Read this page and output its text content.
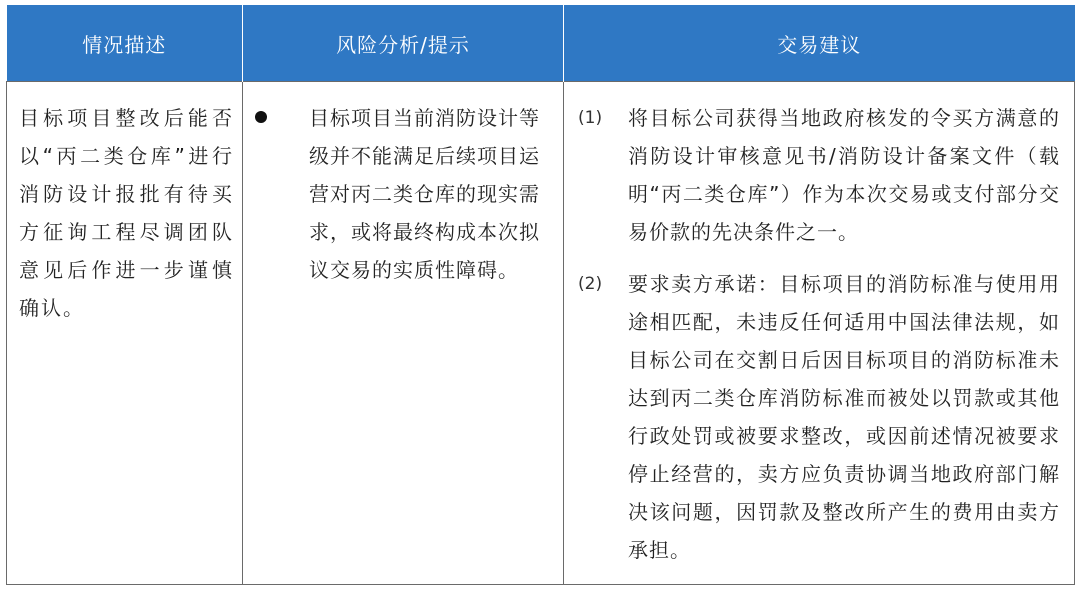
情况描述	风险分析/提示	交易建议

目标项目整改后能否以“丙二类仓库”进行消防设计报批有待买方征询工程尽调团队意见后作进一步谨慎确认。	目标项目当前消防设计等级并不能满足后续项目运营对丙二类仓库的现实需求，或将最终构成本次拟议交易的实质性障碍。	(1) 将目标公司获得当地政府核发的令买方满意的消防设计审核意见书/消防设计备案文件（载明“丙二类仓库”）作为本次交易或支付部分交易价款的先决条件之一。
(2) 要求卖方承诺：目标项目的消防标准与使用用途相匹配，未违反任何适用中国法律法规，如目标公司在交割日后因目标项目的消防标准未达到丙二类仓库消防标准而被处以罚款或其他行政处罚或被要求整改，或因前述情况被要求停止经营的，卖方应负责协调当地政府部门解决该问题，因罚款及整改所产生的费用由卖方承担。
